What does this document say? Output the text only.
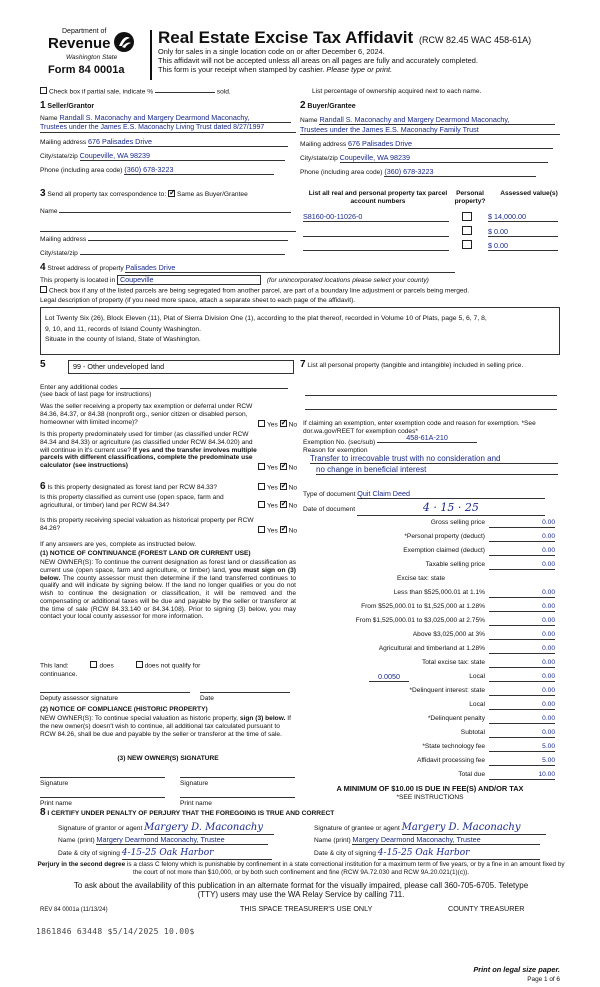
Department of
Revenue
Washington State
Form 84 0001a
Real Estate Excise Tax Affidavit (RCW 82.45 WAC 458-61A)
Only for sales in a single location code on or after December 6, 2024.
This affidavit will not be accepted unless all areas on all pages are fully and accurately completed.
This form is your receipt when stamped by cashier. Please type or print.
Check box if partial sale, indicate %	sold.	List percentage of ownership acquired next to each name.
1 Seller/Grantor
Name Randall S. Maconachy and Margery Dearmond Maconachy,
Trustees under the James E.S. Maconachy Living Trust dated 8/27/1997
Mailing address 676 Palisades Drive
City/state/zip Coupeville, WA 98239
Phone (including area code) (360) 678-3223
2 Buyer/Grantee
Name Randall S. Maconachy and Margery Dearmond Maconachy,
Trustees under the James E.S. Maconachy Family Trust
Mailing address 676 Palisades Drive
City/state/zip Coupeville, WA 98239
Phone (including area code) (360) 678-3223
3 Send all property tax correspondence to: ✓ Same as Buyer/Grantee
Name
Mailing address
City/state/zip
List all real and personal property tax parcel account numbers
Personal property?
Assessed value(s)
S8160-00-11026-0	$ 14,000.00
$ 0.00
$ 0.00
4 Street address of property Palisades Drive
This property is located in Coupeville	(for unincorporated locations please select your county)
Check box if any of the listed parcels are being segregated from another parcel, are part of a boundary line adjustment or parcels being merged.
Legal description of property (if you need more space, attach a separate sheet to each page of the affidavit).
Lot Twenty Six (26), Block Eleven (11), Plat of Sierra Division One (1), according to the plat thereof, recorded in Volume 10 of Plats, page 5, 6, 7, 8,
9, 10, and 11, records of Island County Washington.
Situate in the county of Island, State of Washington.
5	99 - Other undeveloped land
Enter any additional codes
(see back of last page for instructions)
Was the seller receiving a property tax exemption or deferral under RCW 84.36, 84.37, or 84.38 (nonprofit org., senior citizen or disabled person, homeowner with limited income)?	Yes ✓ No
Is this property predominately used for timber (as classified under RCW 84.34 and 84.33) or agriculture (as classified under RCW 84.34.020) and will continue in it's current use? If yes and the transfer involves multiple parcels with different classifications, complete the predominate use calculator (see instructions)	Yes ✓ No
6 Is this property designated as forest land per RCW 84.33?	Yes ✓ No
Is this property classified as current use (open space, farm and agricultural, or timber) land per RCW 84.34?	Yes ✓ No
Is this property receiving special valuation as historical property per RCW 84.26?	Yes ✓ No
If any answers are yes, complete as instructed below.
(1) NOTICE OF CONTINUANCE (FOREST LAND OR CURRENT USE)
NEW OWNER(S): To continue the current designation as forest land or classification as current use (open space, farm and agriculture, or timber) land, you must sign on (3) below. The county assessor must then determine if the land transferred continues to qualify and will indicate by signing below. If the land no longer qualifies or you do not wish to continue the designation or classification, it will be removed and the compensating or additional taxes will be due and payable by the seller or transferor at the time of sale (RCW 84.33.140 or 84.34.108). Prior to signing (3) below, you may contact your local county assessor for more information.
This land:	does	does not qualify for
continuance.
Deputy assessor signature	Date
(2) NOTICE OF COMPLIANCE (HISTORIC PROPERTY)
NEW OWNER(S): To continue special valuation as historic property, sign (3) below. If the new owner(s) doesn't wish to continue, all additional tax calculated pursuant to RCW 84.26, shall be due and payable by the seller or transferor at the time of sale.
(3) NEW OWNER(S) SIGNATURE
Signature	Signature
Print name	Print name
7 List all personal property (tangible and intangible) included in selling price.
If claiming an exemption, enter exemption code and reason for exemption. *See dor.wa.gov/REET for exemption codes*
Exemption No. (sec/sub) 458-61A-210
Reason for exemption
Transfer to irrecovable trust with no consideration and
no change in beneficial interest
Type of document Quit Claim Deed
Date of document	4 · 15 · 25
Gross selling price	0.00
*Personal property (deduct)	0.00
Exemption claimed (deduct)	0.00
Taxable selling price	0.00
Excise tax: state
Less than $525,000.01 at 1.1%	0.00
From $525,000.01 to $1,525,000 at 1.28%	0.00
From $1,525,000.01 to $3,025,000 at 2.75%	0.00
Above $3,025,000 at 3%	0.00
Agricultural and timberland at 1.28%	0.00
Total excise tax: state	0.00
0.0050	Local	0.00
*Delinquent interest: state	0.00
Local	0.00
*Delinquent penalty	0.00
Subtotal	0.00
*State technology fee	5.00
Affidavit processing fee	5.00
Total due	10.00
A MINIMUM OF $10.00 IS DUE IN FEE(S) AND/OR TAX
*SEE INSTRUCTIONS
8 I CERTIFY UNDER PENALTY OF PERJURY THAT THE FOREGOING IS TRUE AND CORRECT
Signature of grantor or agent Margery D. Maconachy
Name (print) Margery Dearmond Maconachy, Trustee
Date & city of signing 4-15-25 Oak Harbor
Signature of grantee or agent Margery D. Maconachy
Name (print) Margery Dearmond Maconachy, Trustee
Date & city of signing 4-15-25 Oak Harbor
Perjury in the second degree is a class C felony which is punishable by confinement in a state correctional institution for a maximum term of five years, or by a fine in an amount fixed by the court of not more than $10,000, or by both such confinement and fine (RCW 9A.72.030 and RCW 9A.20.021(1)(c)).
To ask about the availability of this publication in an alternate format for the visually impaired, please call 360-705-6705. Teletype
(TTY) users may use the WA Relay Service by calling 711.
REV 84 0001a (11/13/24)	THIS SPACE TREASURER'S USE ONLY	COUNTY TREASURER
1861846 63448 $5/14/2025 10.00$
Print on legal size paper.
Page 1 of 6
